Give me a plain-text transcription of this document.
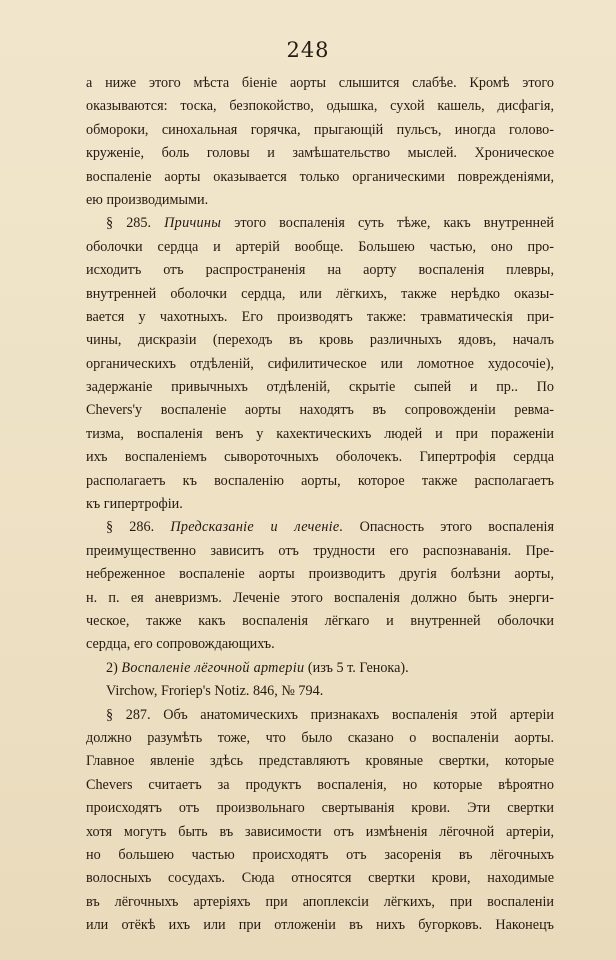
248
а ниже этого мѣста біеніе аорты слышится слабѣе. Кромѣ этого
оказываются: тоска, безпокойство, одышка, сухой кашель, дисфагія,
обмороки, синохальная горячка, прыгающій пульсъ, иногда голово-
круженіе, боль головы и замѣшательство мыслей. Хроническое
воспаленіе аорты оказывается только органическими поврежденіями,
ею производимыми.
§ 285. Причины этого воспаленія суть тѣже, какъ внутренней
оболочки сердца и артерій вообще. Большею частью, оно про-
исходитъ отъ распространенія на аорту воспаленія плевры,
внутренней оболочки сердца, или лёгкихъ, также нерѣдко оказы-
вается у чахотныхъ. Его производятъ также: травматическія при-
чины, дискразіи (переходъ въ кровь различныхъ ядовъ, началъ
органическихъ отдѣленій, сифилитическое или ломотное худосочіе),
задержаніе привычныхъ отдѣленій, скрытіе сыпей и пр.. По
Chevers'у воспаленіе аорты находятъ въ сопровожденіи ревма-
тизма, воспаленія венъ у кахектическихъ людей и при пораженіи
ихъ воспаленіемъ сывороточныхъ оболочекъ. Гипертрофія сердца
располагаетъ къ воспаленію аорты, которое также располагаетъ
къ гипертрофіи.
§ 286. Предсказаніе и леченіе. Опасность этого воспаленія
преимущественно зависитъ отъ трудности его распознаванія. Пре-
небреженное воспаленіе аорты производитъ другія болѣзни аорты,
н. п. ея аневризмъ. Леченіе этого воспаленія должно быть энерги-
ческое, также какъ воспаленія лёгкаго и внутренней оболочки
сердца, его сопровождающихъ.
2) Воспаленіе лёгочной артеріи (изъ 5 т. Генока).
Virchow, Frorieр's Notiz. 846, № 794.
§ 287. Объ анатомическихъ признакахъ воспаленія этой артеріи
должно разумѣть тоже, что было сказано о воспаленіи аорты.
Главное явленіе здѣсь представляютъ кровяные свертки, которые
Chevers считаетъ за продуктъ воспаленія, но которые вѣроятно
происходятъ отъ произвольнаго свертыванія крови. Эти свертки
хотя могутъ быть въ зависимости отъ измѣненія лёгочной артеріи,
но большею частью происходятъ отъ засоренія въ лёгочныхъ
волосныхъ сосудахъ. Сюда относятся свертки крови, находимые
въ лёгочныхъ артеріяхъ при апоплексіи лёгкихъ, при воспаленіи
или отёкѣ ихъ или при отложеніи въ нихъ бугорковъ. Наконецъ
